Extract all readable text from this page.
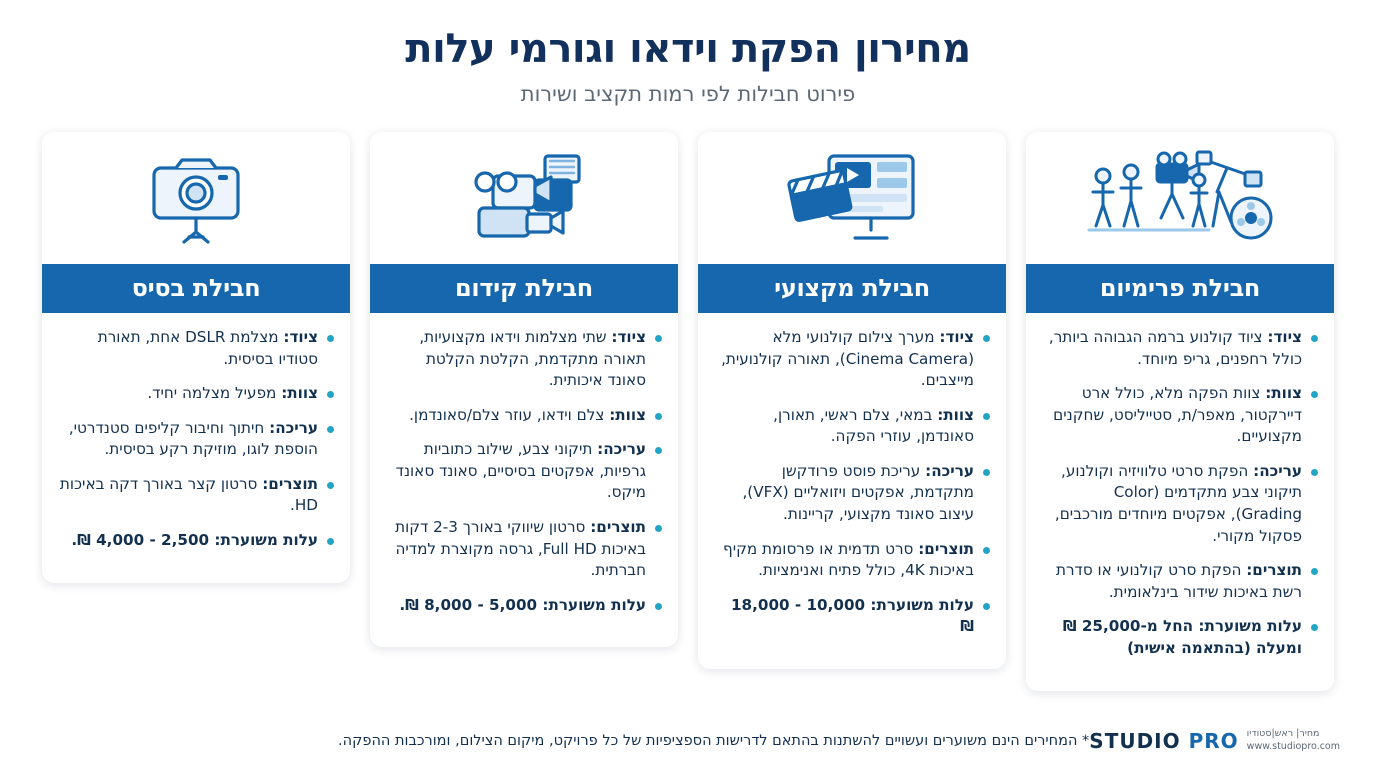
מחירון הפקת וידאו וגורמי עלות
פירוט חבילות לפי רמות תקציב ושירות
חבילת בסיס
ציוד: מצלמת DSLR אחת, תאורת סטודיו בסיסית.
צוות: מפעיל מצלמה יחיד.
עריכה: חיתוך וחיבור קליפים סטנדרטי, הוספת לוגו, מוזיקת רקע בסיסית.
תוצרים: סרטון קצר באורך דקה באיכות HD.
עלות משוערת: 2,500 - 4,000 ₪.
חבילת קידום
ציוד: שתי מצלמות וידאו מקצועיות, תאורה מתקדמת, הקלטת הקלטת סאונד איכותית.
צוות: צלם וידאו, עוזר צלם/סאונדמן.
עריכה: תיקוני צבע, שילוב כתוביות גרפיות, אפקטים בסיסיים, סאונד סאונד מיקס.
תוצרים: סרטון שיווקי באורך 2-3 דקות באיכות Full HD, גרסה מקוצרת למדיה חברתית.
עלות משוערת: 5,000 - 8,000 ₪.
חבילת מקצועי
ציוד: מערך צילום קולנועי מלא (Cinema Camera), תאורה קולנועית, מייצבים.
צוות: במאי, צלם ראשי, תאורן, סאונדמן, עוזרי הפקה.
עריכה: עריכת פוסט פרודקשן מתקדמת, אפקטים ויזואליים (VFX), עיצוב סאונד מקצועי, קריינות.
תוצרים: סרט תדמית או פרסומת מקיף באיכות 4K, כולל פתיח ואנימציות.
עלות משוערת: 10,000 - 18,000 ₪
חבילת פרימיום
ציוד: ציוד קולנוע ברמה הגבוהה ביותר, כולל רחפנים, גריפ מיוחד.
צוות: צוות הפקה מלא, כולל ארט דיירקטור, מאפר/ת, סטייליסט, שחקנים מקצועיים.
עריכה: הפקת סרטי טלוויזיה וקולנוע, תיקוני צבע מתקדמים (Color Grading), אפקטים מיוחדים מורכבים, פסקול מקורי.
תוצרים: הפקת סרט קולנועי או סדרת רשת באיכות שידור בינלאומית.
עלות משוערת: החל מ-25,000 ₪ ומעלה (בהתאמה אישית)
* המחירים הינם משוערים ועשויים להשתנות בהתאם לדרישות הספציפיות של כל פרויקט, מיקום הצילום, ומורכבות ההפקה. STUDIO PRO מחיר| ראש|סטודיו
www.studiopro.com
